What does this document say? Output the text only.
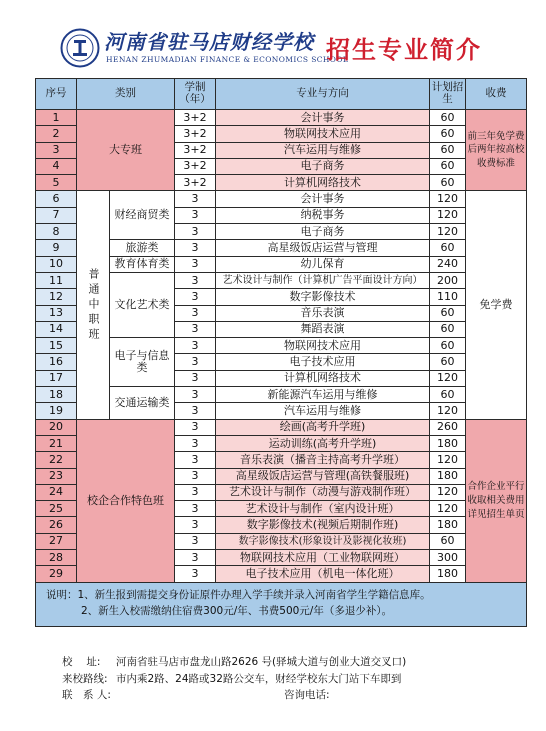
河南省驻马店财经学校
HENAN ZHUMADIAN FINANCE & ECONOMICS SCHOOL
招生专业简介
序号	类别		学制（年）	专业与方向	计划招生	收费
1	大专班		3+2	会计事务	60	前三年免学费后两年按高校收费标准
2			3+2	物联网技术应用	60	
3			3+2	汽车运用与维修	60	
4			3+2	电子商务	60	
5			3+2	计算机网络技术	60	
6	普通中职班	财经商贸类	3	会计事务	120	免学费
7			3	纳税事务	120	
8			3	电子商务	120	
9		旅游类	3	高星级饭店运营与管理	60	
10		教育体育类	3	幼儿保育	240	
11		文化艺术类	3	艺术设计与制作（计算机广告平面设计方向）	200	
12			3	数字影像技术	110	
13			3	音乐表演	60	
14			3	舞蹈表演	60	
15		电子与信息类	3	物联网技术应用	60	
16			3	电子技术应用	60	
17			3	计算机网络技术	120	
18		交通运输类	3	新能源汽车运用与维修	60	
19			3	汽车运用与维修	120	
20	校企合作特色班		3	绘画(高考升学班)	260	合作企业平行收取相关费用详见招生单页
21			3	运动训练(高考升学班)	180	
22			3	音乐表演（播音主持高考升学班）	120	
23			3	高星级饭店运营与管理(高铁餐服班)	180	
24			3	艺术设计与制作（动漫与游戏制作班）	120	
25			3	艺术设计与制作（室内设计班）	120	
26			3	数字影像技术(视频后期制作班)	180	
27			3	数字影像技术(形象设计及影视化妆班)	60	
28			3	物联网技术应用（工业物联网班）	300	
29			3	电子技术应用（机电一体化班）	180	

说明：1、新生报到需提交身份证原件办理入学手续并录入河南省学生学籍信息库。
2、新生入校需缴纳住宿费300元/年、书费500元/年（多退少补）。						
校　 址: 河南省驻马店市盘龙山路2626 号(驿城大道与创业大道交叉口)
来校路线: 市内乘2路、24路或32路公交车，财经学校东大门站下车即到
联　系 人:	咨询电话:
